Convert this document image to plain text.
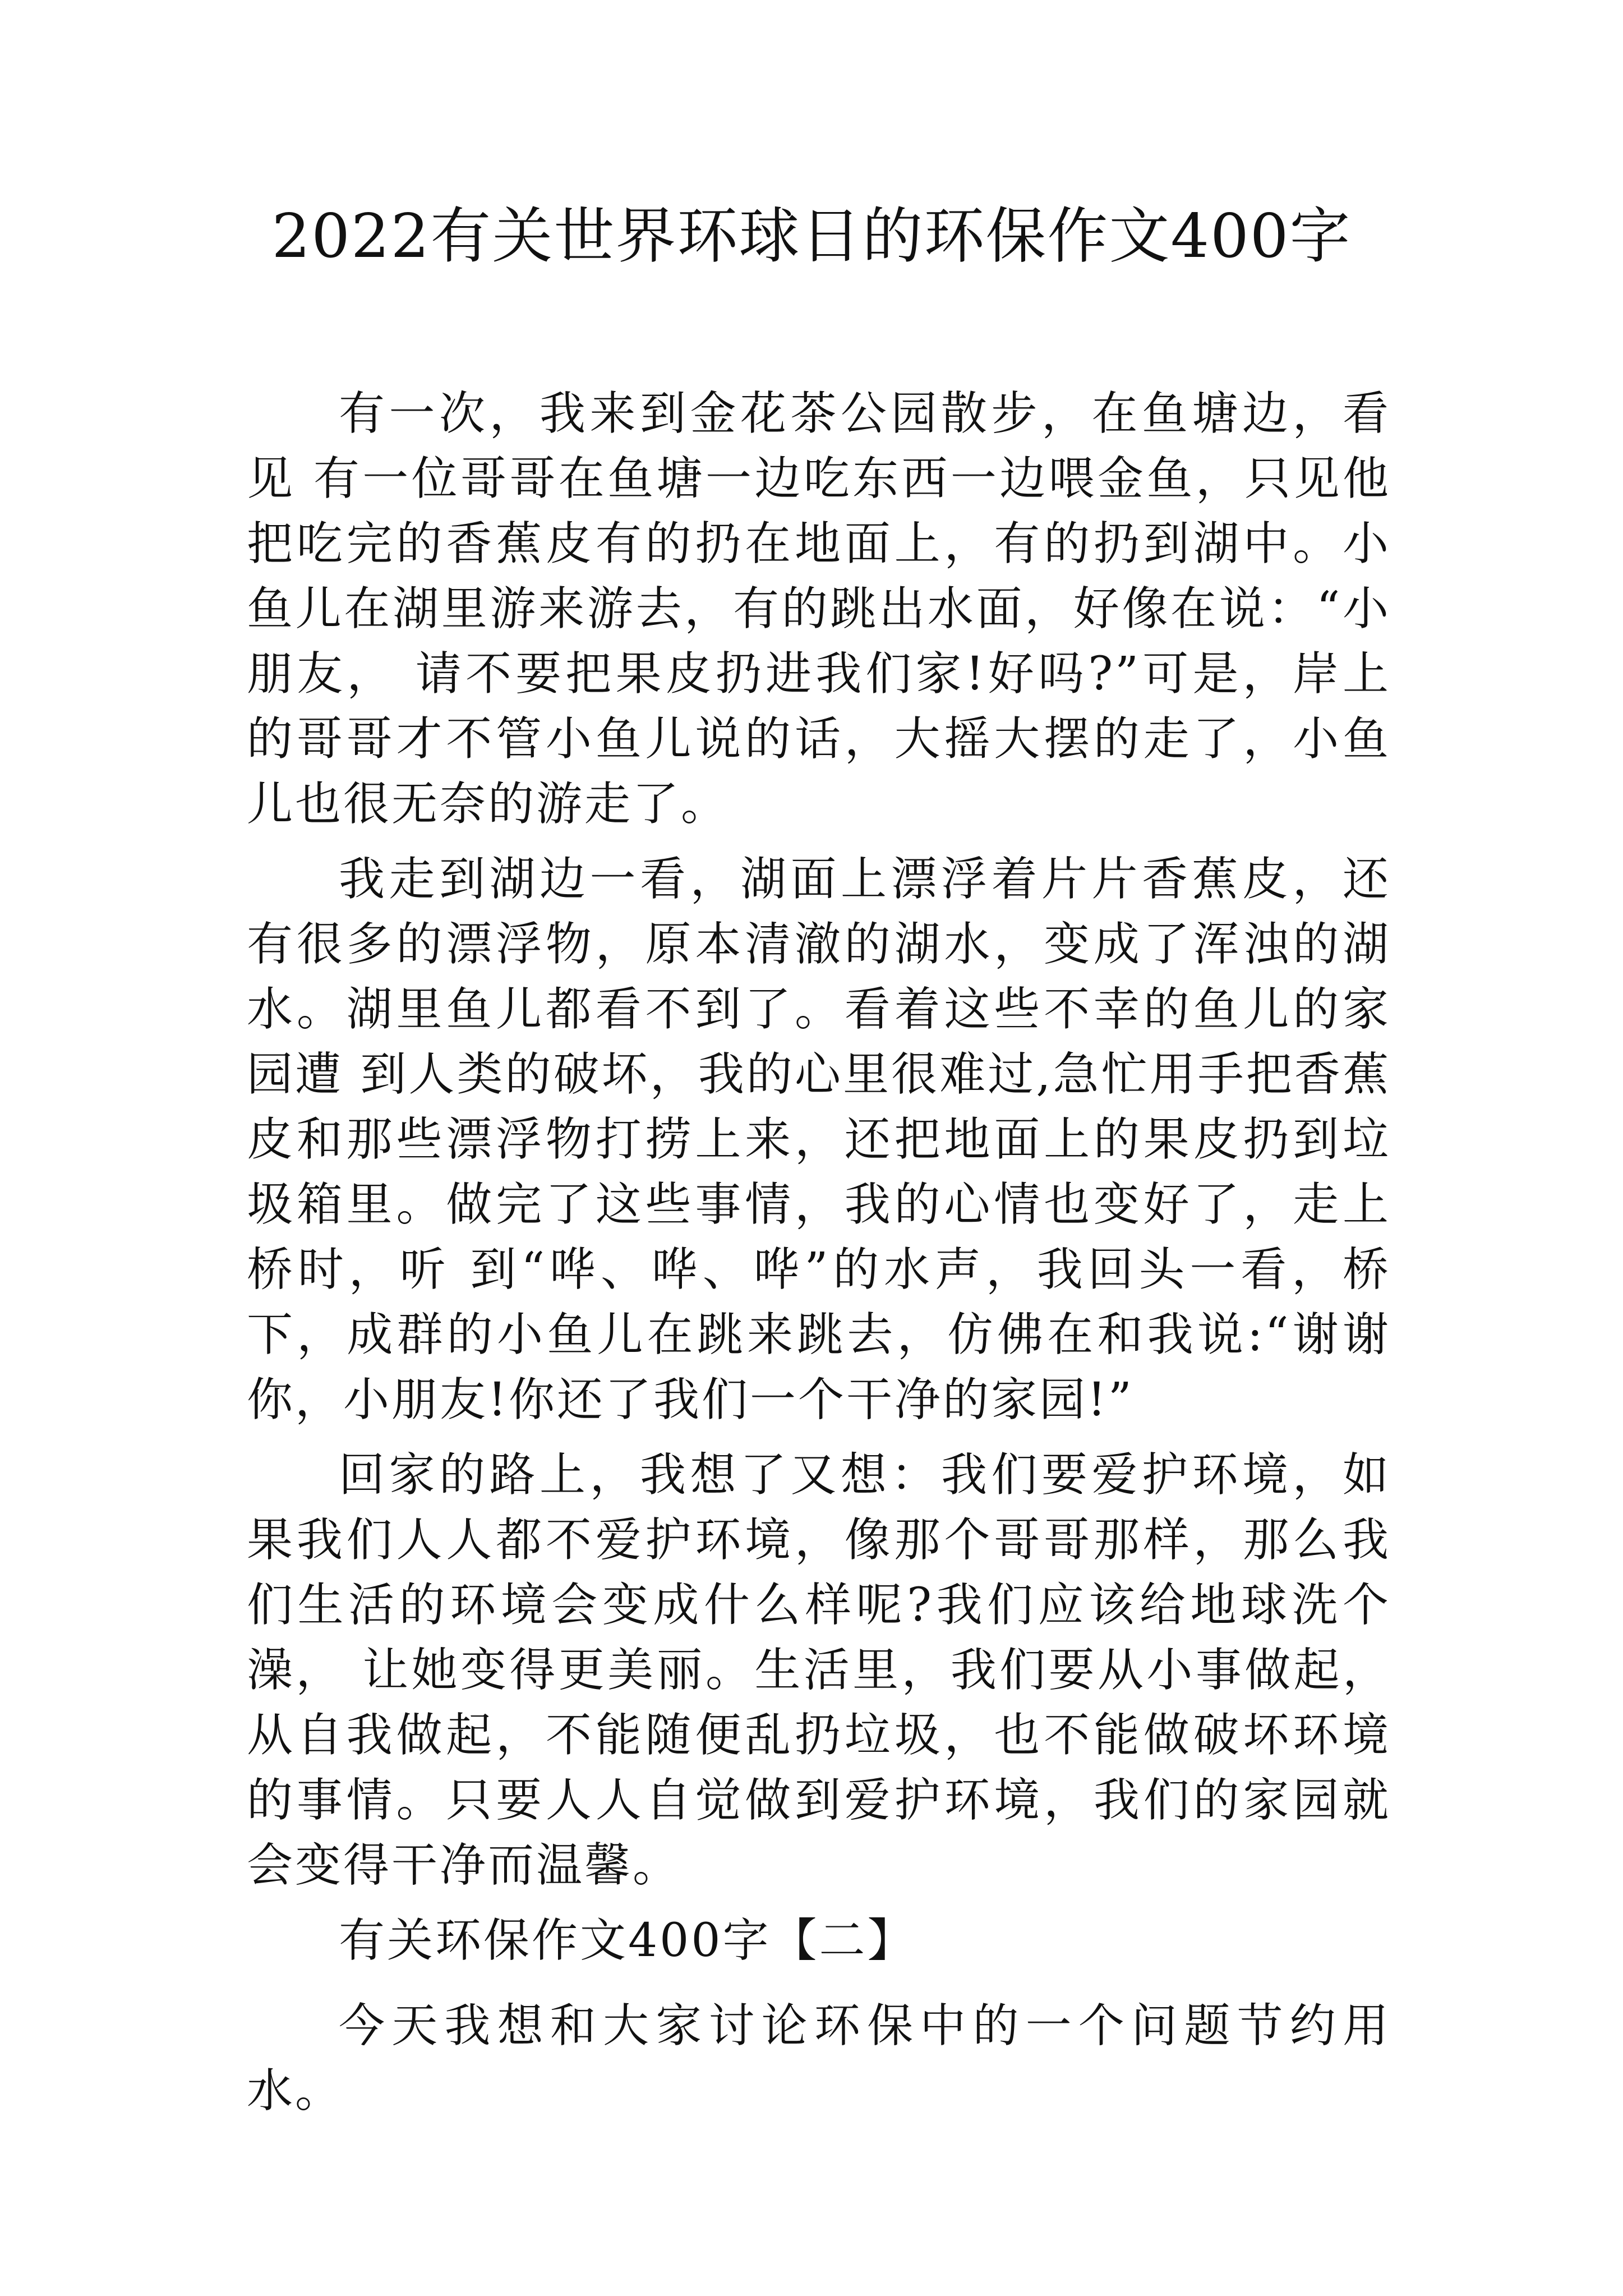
2022有关世界环球日的环保作文400字

有一次，我来到金花茶公园散步，在鱼塘边，看见 有一位哥哥在鱼塘一边吃东西一边喂金鱼，只见他把吃完的香蕉皮有的扔在地面上，有的扔到湖中。小鱼儿在湖里游来游去，有的跳出水面，好像在说：“小朋友， 请不要把果皮扔进我们家!好吗?”可是，岸上的哥哥才不管小鱼儿说的话，大摇大摆的走了，小鱼儿也很无奈的游走了。

我走到湖边一看，湖面上漂浮着片片香蕉皮，还有很多的漂浮物，原本清澈的湖水，变成了浑浊的湖水。湖里鱼儿都看不到了。看着这些不幸的鱼儿的家园遭 到人类的破坏，我的心里很难过,急忙用手把香蕉皮和那些漂浮物打捞上来，还把地面上的果皮扔到垃圾箱里。做完了这些事情，我的心情也变好了，走上桥时，听 到“哗、哗、哗”的水声，我回头一看，桥下，成群的小鱼儿在跳来跳去，仿佛在和我说:“谢谢你，小朋友!你还了我们一个干净的家园!”

回家的路上，我想了又想：我们要爱护环境，如果我们人人都不爱护环境，像那个哥哥那样，那么我们生活的环境会变成什么样呢?我们应该给地球洗个澡， 让她变得更美丽。生活里，我们要从小事做起，从自我做起，不能随便乱扔垃圾，也不能做破坏环境的事情。只要人人自觉做到爱护环境，我们的家园就会变得干净而温馨。

有关环保作文400字【二】

今天我想和大家讨论环保中的一个问题节约用水。
